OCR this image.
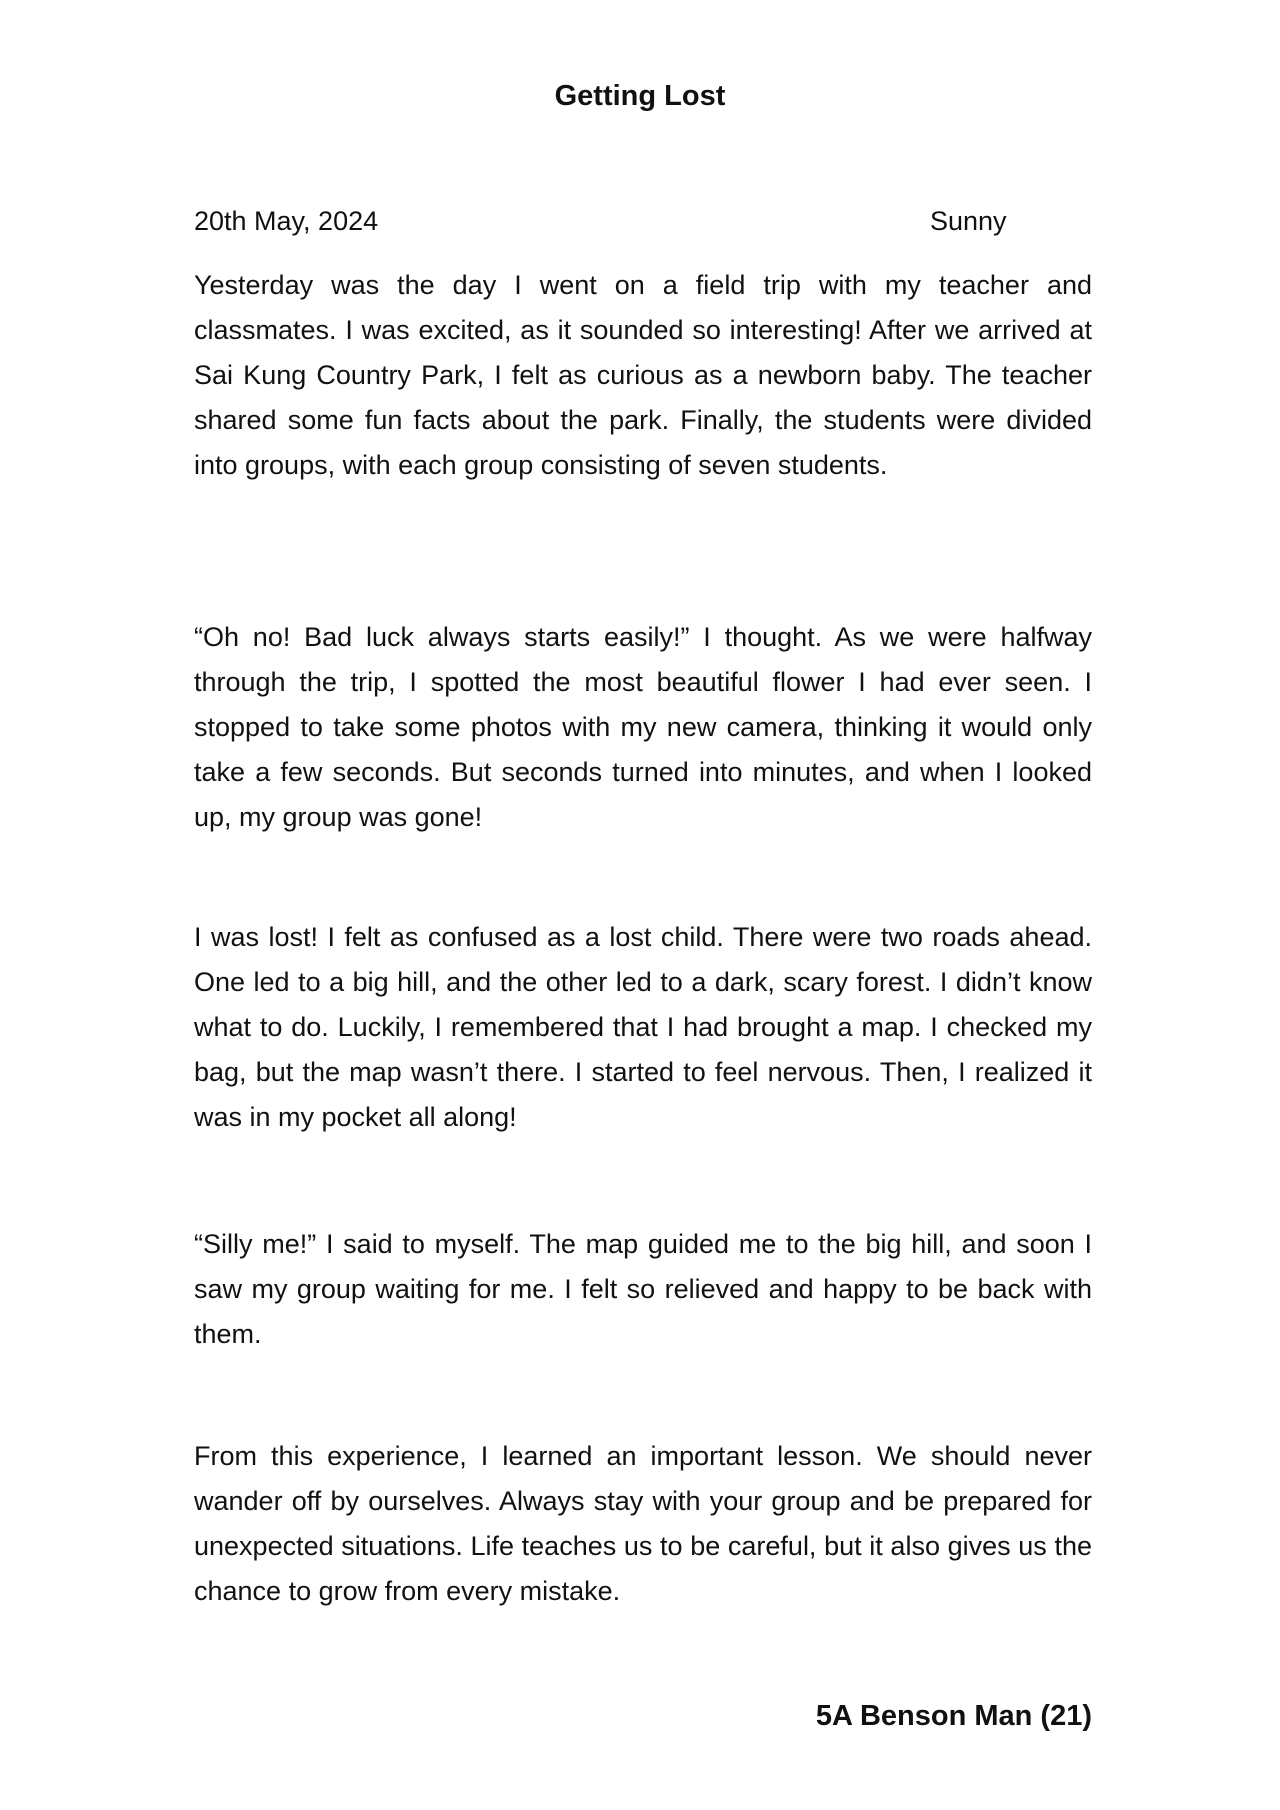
Getting Lost
20th May, 2024	Sunny

Yesterday was the day I went on a field trip with my teacher and classmates. I was excited, as it sounded so interesting! After we arrived at Sai Kung Country Park, I felt as curious as a newborn baby. The teacher shared some fun facts about the park. Finally, the students were divided into groups, with each group consisting of seven students.

“Oh no! Bad luck always starts easily!” I thought. As we were halfway through the trip, I spotted the most beautiful flower I had ever seen. I stopped to take some photos with my new camera, thinking it would only take a few seconds. But seconds turned into minutes, and when I looked up, my group was gone!

I was lost! I felt as confused as a lost child. There were two roads ahead. One led to a big hill, and the other led to a dark, scary forest. I didn’t know what to do. Luckily, I remembered that I had brought a map. I checked my bag, but the map wasn’t there. I started to feel nervous. Then, I realized it was in my pocket all along!

“Silly me!” I said to myself. The map guided me to the big hill, and soon I saw my group waiting for me. I felt so relieved and happy to be back with them.

From this experience, I learned an important lesson. We should never wander off by ourselves. Always stay with your group and be prepared for unexpected situations. Life teaches us to be careful, but it also gives us the chance to grow from every mistake.

5A Benson Man (21)
